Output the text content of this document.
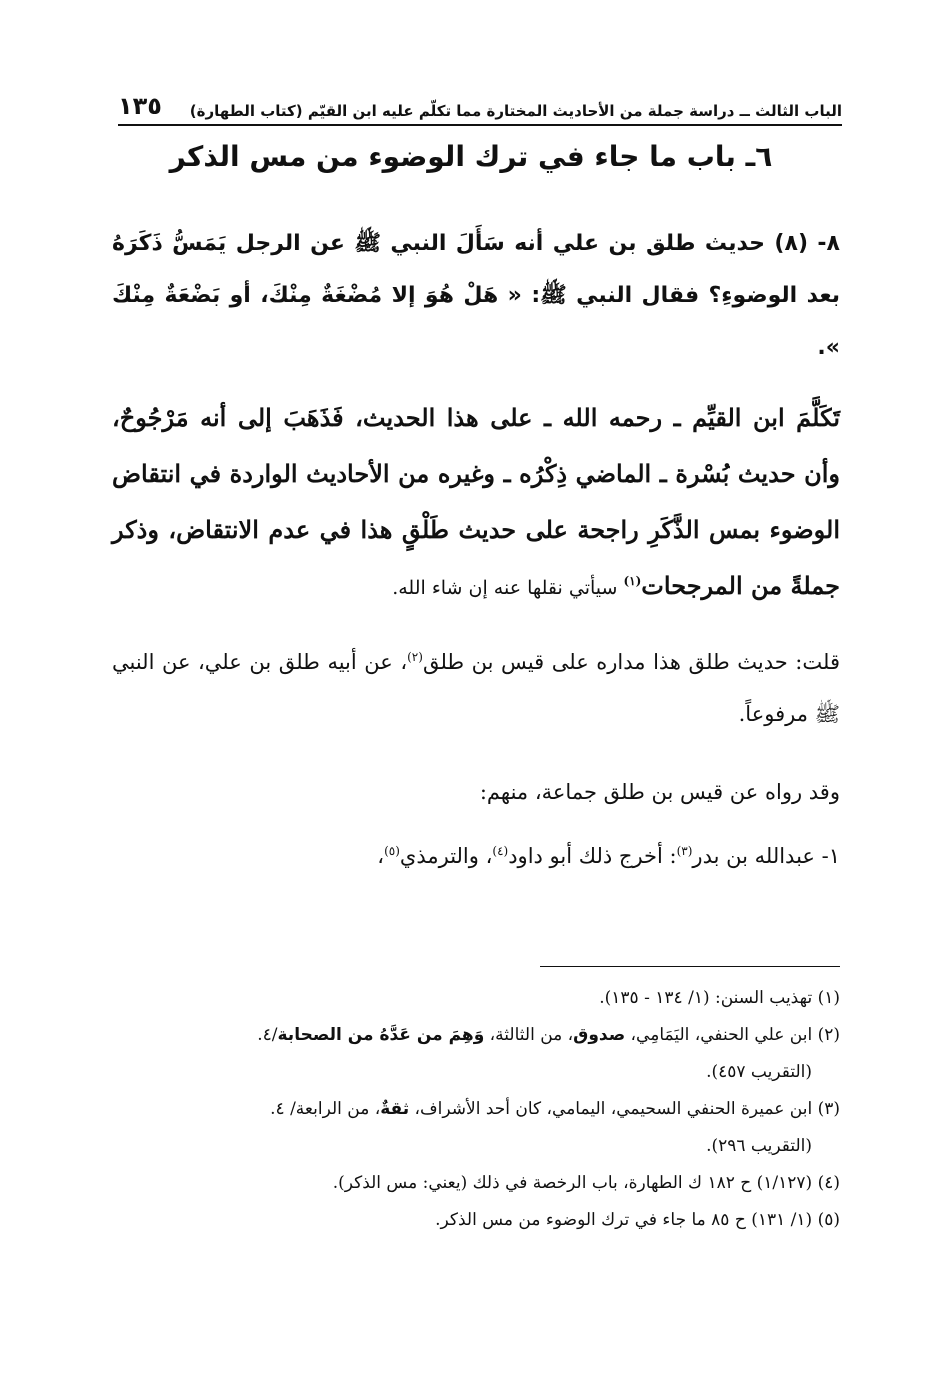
الباب الثالث ــ دراسة جملة من الأحاديث المختارة مما تكلّم عليه ابن القيّم (كتاب الطهارة)
١٣٥
٦ـ باب ما جاء في ترك الوضوء من مس الذكر
٨- (٨) حديث طلق بن علي أنه سَأَلَ النبي ﷺ عن الرجل يَمَسُّ ذَكَرَهُ بعد الوضوءِ؟ فقال النبي ﷺ: « هَلْ هُوَ إلا مُضْغَةٌ مِنْكَ، أو بَضْعَةٌ مِنْكَ ».
تَكَلَّمَ ابن القيِّم ـ رحمه الله ـ على هذا الحديث، فَذَهَبَ إلى أنه مَرْجُوحٌ، وأن حديث بُسْرة ـ الماضي ذِكْرُه ـ وغيره من الأحاديث الواردة في انتقاض الوضوء بمس الذَّكَرِ راجحة على حديث طَلْقٍ هذا في عدم الانتقاض، وذكر جملةً من المرجحات$^{(١)}$ سيأتي نقلها عنه إن شاء الله.
قلت: حديث طلق هذا مداره على قيس بن طلق$^{(٢)}$، عن أبيه طلق بن علي، عن النبي ﷺ مرفوعاً.
وقد رواه عن قيس بن طلق جماعة، منهم:
١- عبدالله بن بدر$^{(٣)}$: أخرج ذلك أبو داود$^{(٤)}$، والترمذي$^{(٥)}$،

(١) تهذيب السنن: (١/ ١٣٤ - ١٣٥).

(٢) ابن علي الحنفي، اليَمَامِي، صدوق، من الثالثة، وَهِمَ من عَدَّهُ من الصحابة/٤.

(التقريب ٤٥٧).

(٣) ابن عميرة الحنفي السحيمي، اليمامي، كان أحد الأشراف، ثقةٌ، من الرابعة/ ٤.

(التقريب ٢٩٦).

(٤) (١/١٢٧) ح ١٨٢ ك الطهارة، باب الرخصة في ذلك (يعني: مس الذكر).

(٥) (١/ ١٣١) ح ٨٥ ما جاء في ترك الوضوء من مس الذكر.
